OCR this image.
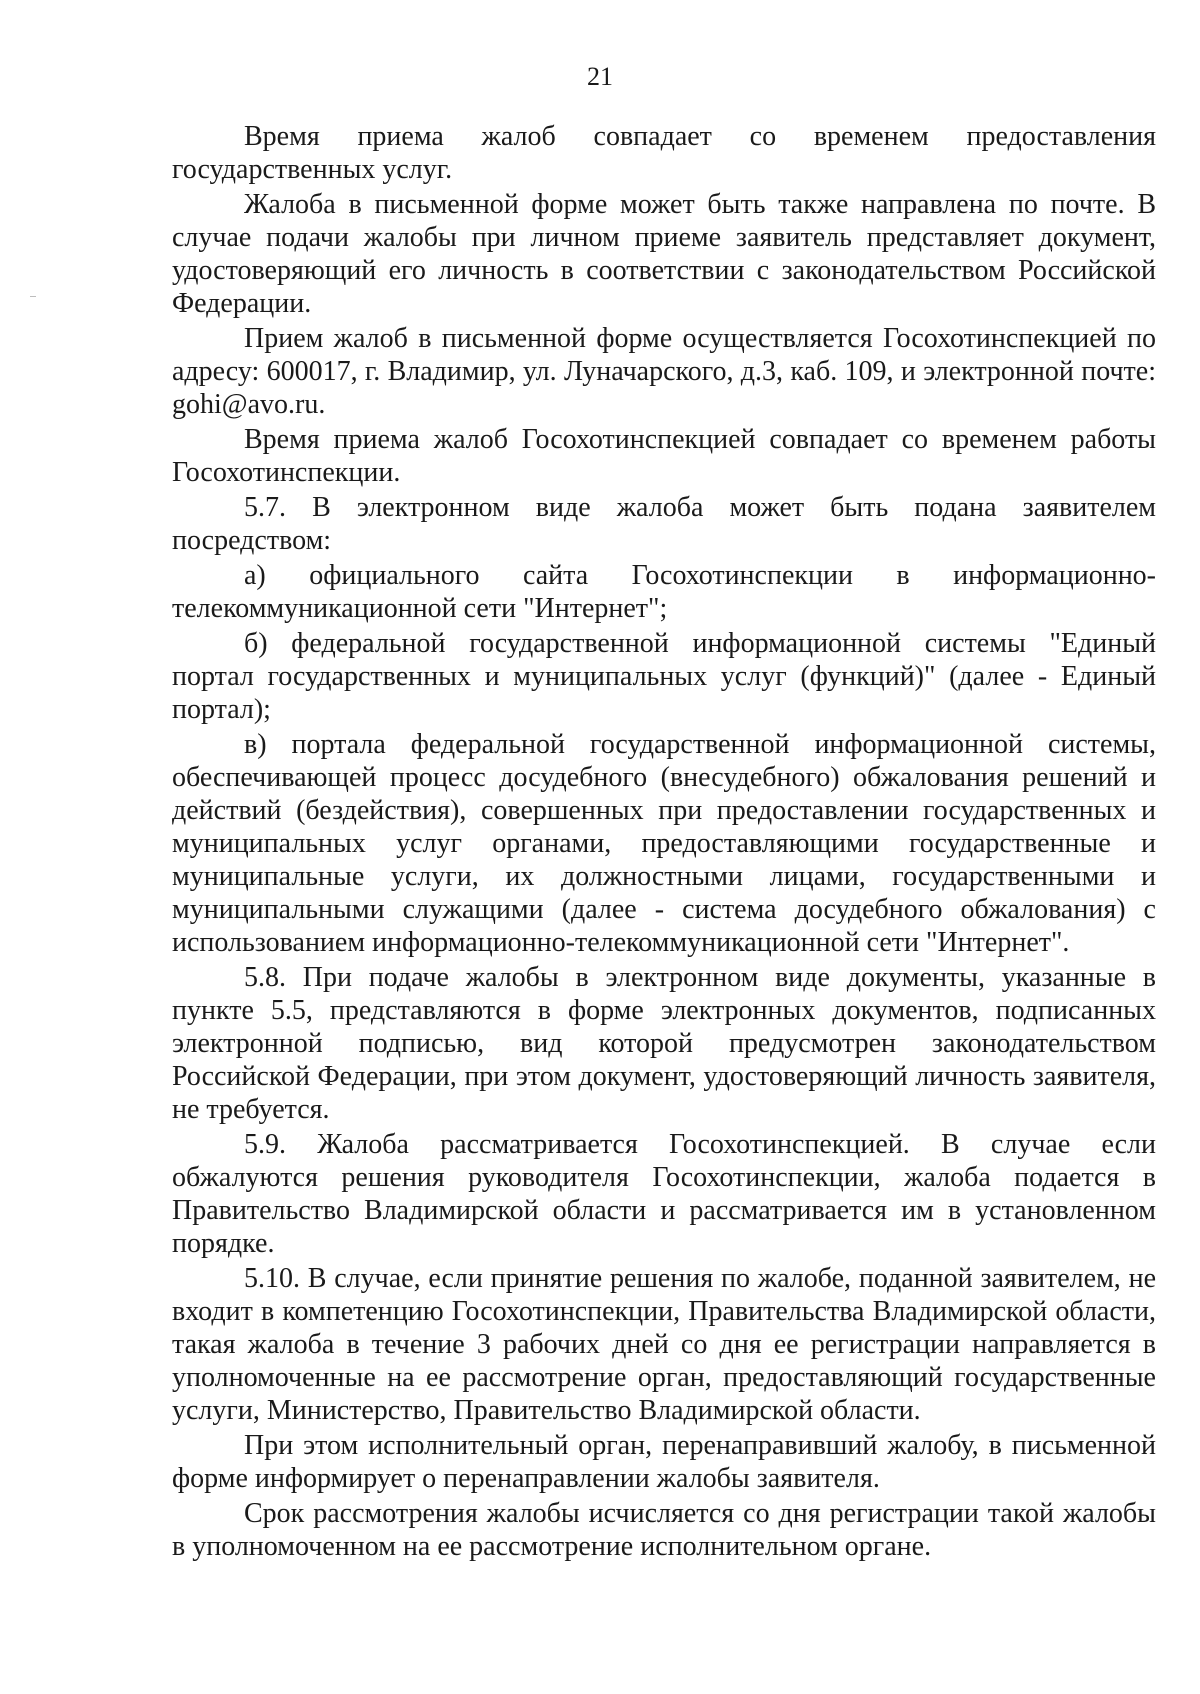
21

Время приема жалоб совпадает со временем предоставления государственных услуг.

Жалоба в письменной форме может быть также направлена по почте. В случае подачи жалобы при личном приеме заявитель представляет документ, удостоверяющий его личность в соответствии с законодательством Российской Федерации.

Прием жалоб в письменной форме осуществляется Госохотинспекцией по адресу: 600017, г. Владимир, ул. Луначарского, д.3, каб. 109, и электронной почте: gohi@avo.ru.

Время приема жалоб Госохотинспекцией совпадает со временем работы Госохотинспекции.

5.7. В электронном виде жалоба может быть подана заявителем посредством:

а) официального сайта Госохотинспекции в информационно-телекоммуникационной сети "Интернет";

б) федеральной государственной информационной системы "Единый портал государственных и муниципальных услуг (функций)" (далее - Единый портал);

в) портала федеральной государственной информационной системы, обеспечивающей процесс досудебного (внесудебного) обжалования решений и действий (бездействия), совершенных при предоставлении государственных и муниципальных услуг органами, предоставляющими государственные и муниципальные услуги, их должностными лицами, государственными и муниципальными служащими (далее - система досудебного обжалования) с использованием информационно-телекоммуникационной сети "Интернет".

5.8. При подаче жалобы в электронном виде документы, указанные в пункте 5.5, представляются в форме электронных документов, подписанных электронной подписью, вид которой предусмотрен законодательством Российской Федерации, при этом документ, удостоверяющий личность заявителя, не требуется.

5.9. Жалоба рассматривается Госохотинспекцией. В случае если обжалуются решения руководителя Госохотинспекции, жалоба подается в Правительство Владимирской области и рассматривается им в установленном порядке.

5.10. В случае, если принятие решения по жалобе, поданной заявителем, не входит в компетенцию Госохотинспекции, Правительства Владимирской области, такая жалоба в течение 3 рабочих дней со дня ее регистрации направляется в уполномоченные на ее рассмотрение орган, предоставляющий государственные услуги, Министерство, Правительство Владимирской области.

При этом исполнительный орган, перенаправивший жалобу, в письменной форме информирует о перенаправлении жалобы заявителя.

Срок рассмотрения жалобы исчисляется со дня регистрации такой жалобы в уполномоченном на ее рассмотрение исполнительном органе.
